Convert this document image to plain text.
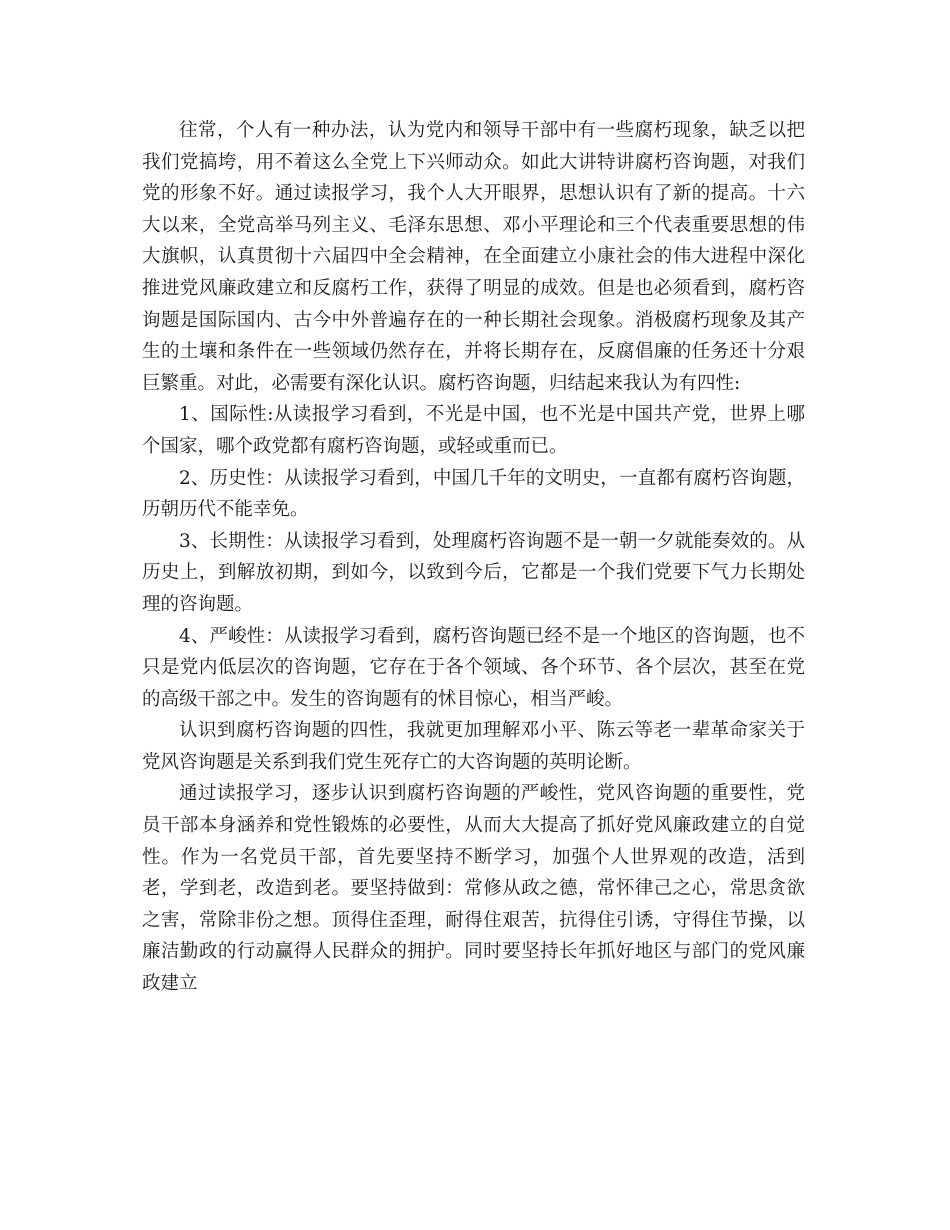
往常，个人有一种办法，认为党内和领导干部中有一些腐朽现象，缺乏以把我们党搞垮，用不着这么全党上下兴师动众。如此大讲特讲腐朽咨询题，对我们党的形象不好。通过读报学习，我个人大开眼界，思想认识有了新的提高。十六大以来，全党高举马列主义、毛泽东思想、邓小平理论和三个代表重要思想的伟大旗帜，认真贯彻十六届四中全会精神，在全面建立小康社会的伟大进程中深化推进党风廉政建立和反腐朽工作，获得了明显的成效。但是也必须看到，腐朽咨询题是国际国内、古今中外普遍存在的一种长期社会现象。消极腐朽现象及其产生的土壤和条件在一些领域仍然存在，并将长期存在，反腐倡廉的任务还十分艰巨繁重。对此，必需要有深化认识。腐朽咨询题，归结起来我认为有四性:

1、国际性:从读报学习看到，不光是中国，也不光是中国共产党，世界上哪个国家，哪个政党都有腐朽咨询题，或轻或重而已。

2、历史性：从读报学习看到，中国几千年的文明史，一直都有腐朽咨询题，历朝历代不能幸免。

3、长期性：从读报学习看到，处理腐朽咨询题不是一朝一夕就能奏效的。从历史上，到解放初期，到如今，以致到今后，它都是一个我们党要下气力长期处理的咨询题。

4、严峻性：从读报学习看到，腐朽咨询题已经不是一个地区的咨询题，也不只是党内低层次的咨询题，它存在于各个领域、各个环节、各个层次，甚至在党的高级干部之中。发生的咨询题有的怵目惊心，相当严峻。

认识到腐朽咨询题的四性，我就更加理解邓小平、陈云等老一辈革命家关于党风咨询题是关系到我们党生死存亡的大咨询题的英明论断。

通过读报学习，逐步认识到腐朽咨询题的严峻性，党风咨询题的重要性，党员干部本身涵养和党性锻炼的必要性，从而大大提高了抓好党风廉政建立的自觉性。作为一名党员干部，首先要坚持不断学习，加强个人世界观的改造，活到老，学到老，改造到老。要坚持做到：常修从政之德，常怀律己之心，常思贪欲之害，常除非份之想。顶得住歪理，耐得住艰苦，抗得住引诱，守得住节操，以廉洁勤政的行动赢得人民群众的拥护。同时要坚持长年抓好地区与部门的党风廉政建立
